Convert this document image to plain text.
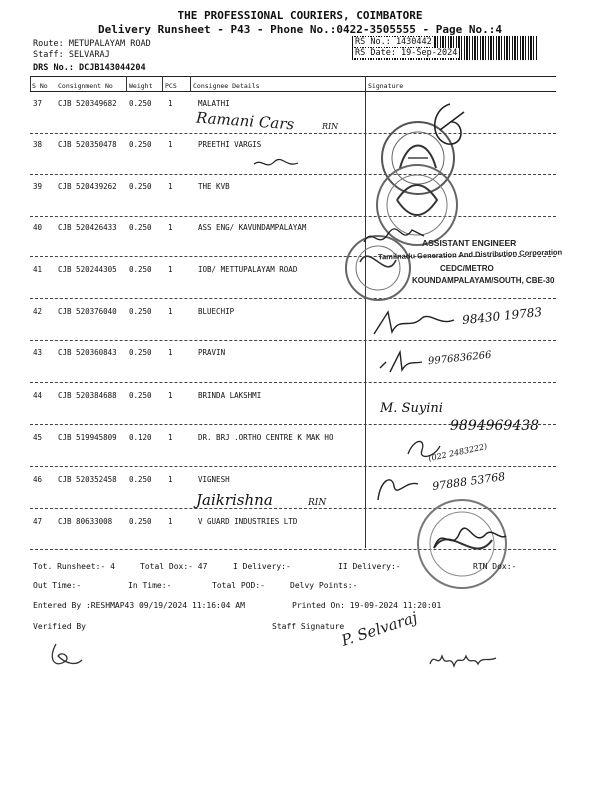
THE PROFESSIONAL COURIERS, COIMBATORE
Delivery Runsheet - P43 - Phone No.:0422-3505555 - Page No.:4
Route: METUPALAYAM ROAD
Staff: SELVARAJ
DRS No.: DCJB143044204
RS No.: 1430442
RS Date: 19-Sep-2024
S No Consignment No Weight PCS	Consignee Details	Signature
37 CJB 520349682 0.250 1	MALATHI
38 CJB 520350478 0.250 1	PREETHI VARGIS
39 CJB 520439262 0.250 1	THE KVB
40 CJB 520426433 0.250 1	ASS ENG/ KAVUNDAMPALAYAM
41 CJB 520244305 0.250 1	IOB/ METTUPALAYAM ROAD
42 CJB 520376040 0.250 1	BLUECHIP
43 CJB 520360843 0.250 1	PRAVIN
44 CJB 520384688 0.250 1	BRINDA LAKSHMI
45 CJB 519945809 0.120 1	DR. BRJ .ORTHO CENTRE K MAK HO
46 CJB 520352458 0.250 1	VIGNESH
47 CJB 80633008 0.250 1	V GUARD INDUSTRIES LTD
ASSISTANT ENGINEER
Tamilnadu Generation And Distribution Corporation
CEDC/METRO
KOUNDAMPALAYAM/SOUTH, CBE-30
Ramani Cars	RIN
98430 19783
9976836266
M. Suyini
9894969438
(022 2483222)
97888 53768
Jaikrishna	RIN
Tot. Runsheet:- 4	Total Dox:- 47	I Delivery:-	II Delivery:-	RTN Dox:-
Out Time:-	In Time:-	Total POD:-	Delvy Points:-
Entered By :RESHMAP43 09/19/2024 11:16:04 AM	Printed On: 19-09-2024 11:20:01
Verified By	Staff Signature
P. Selvaraj
